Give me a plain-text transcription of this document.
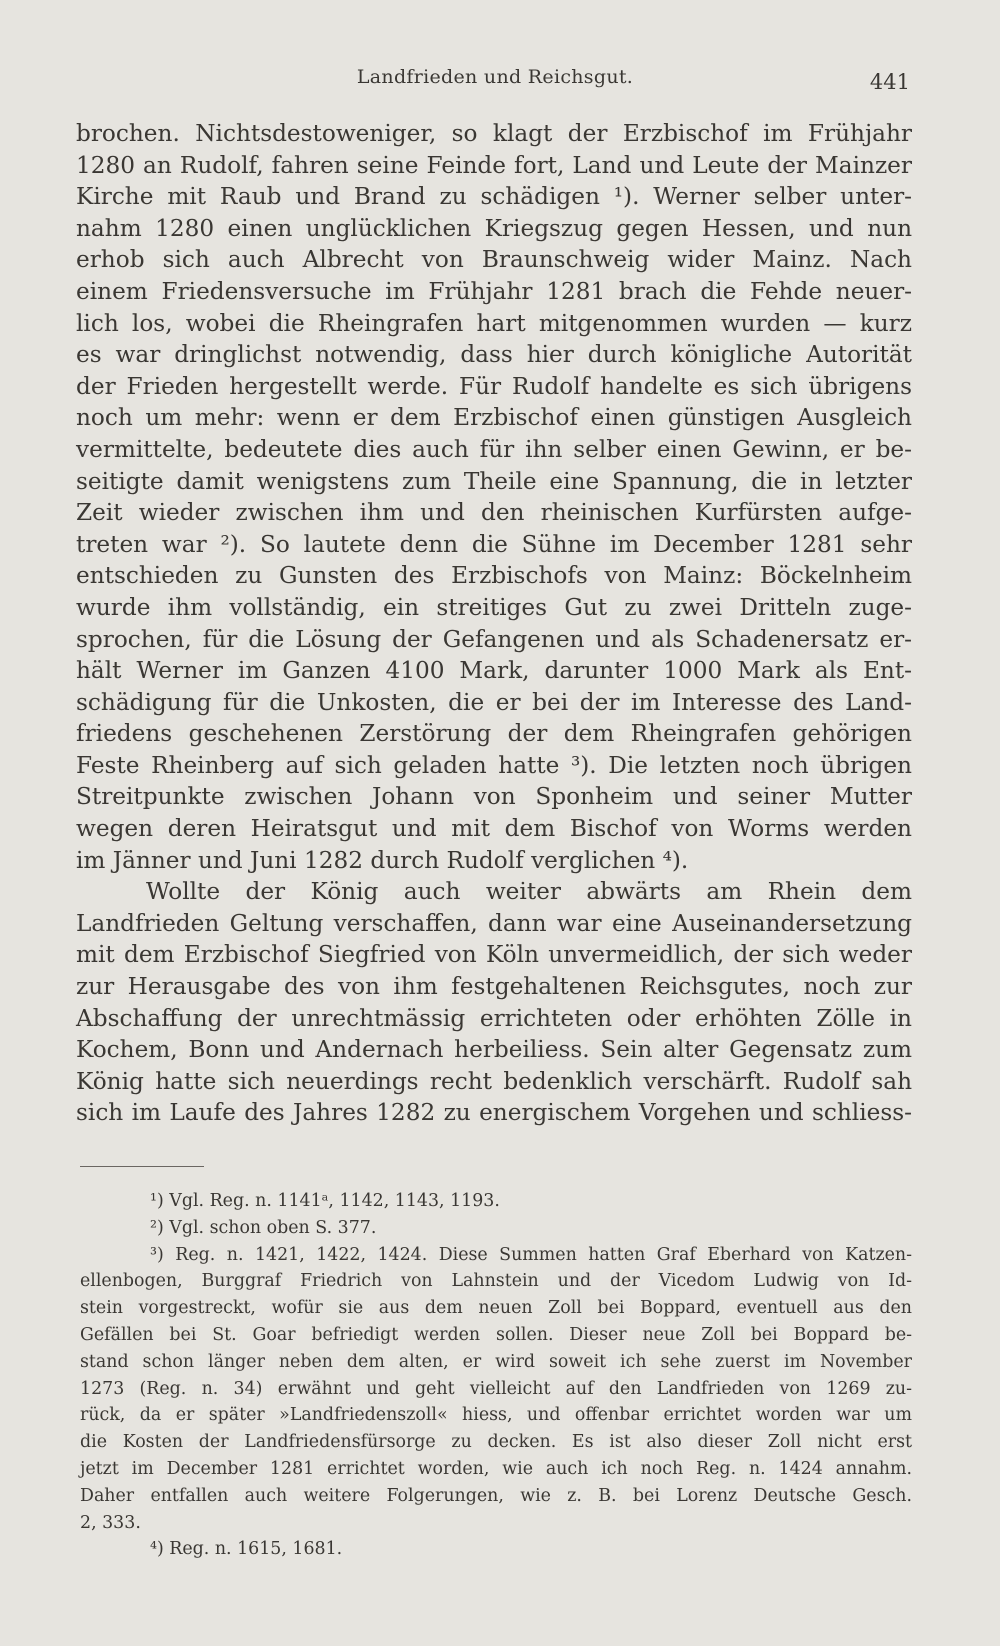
Landfrieden und Reichsgut.	441
brochen. Nichtsdestoweniger, so klagt der Erzbischof im Frühjahr
1280 an Rudolf, fahren seine Feinde fort, Land und Leute der Mainzer
Kirche mit Raub und Brand zu schädigen ¹). Werner selber unter-
nahm 1280 einen unglücklichen Kriegszug gegen Hessen, und nun
erhob sich auch Albrecht von Braunschweig wider Mainz. Nach
einem Friedensversuche im Frühjahr 1281 brach die Fehde neuer-
lich los, wobei die Rheingrafen hart mitgenommen wurden — kurz
es war dringlichst notwendig, dass hier durch königliche Autorität
der Frieden hergestellt werde. Für Rudolf handelte es sich übrigens
noch um mehr: wenn er dem Erzbischof einen günstigen Ausgleich
vermittelte, bedeutete dies auch für ihn selber einen Gewinn, er be-
seitigte damit wenigstens zum Theile eine Spannung, die in letzter
Zeit wieder zwischen ihm und den rheinischen Kurfürsten aufge-
treten war ²). So lautete denn die Sühne im December 1281 sehr
entschieden zu Gunsten des Erzbischofs von Mainz: Böckelnheim
wurde ihm vollständig, ein streitiges Gut zu zwei Dritteln zuge-
sprochen, für die Lösung der Gefangenen und als Schadenersatz er-
hält Werner im Ganzen 4100 Mark, darunter 1000 Mark als Ent-
schädigung für die Unkosten, die er bei der im Interesse des Land-
friedens geschehenen Zerstörung der dem Rheingrafen gehörigen
Feste Rheinberg auf sich geladen hatte ³). Die letzten noch übrigen
Streitpunkte zwischen Johann von Sponheim und seiner Mutter
wegen deren Heiratsgut und mit dem Bischof von Worms werden
im Jänner und Juni 1282 durch Rudolf verglichen ⁴).
Wollte der König auch weiter abwärts am Rhein dem
Landfrieden Geltung verschaffen, dann war eine Auseinandersetzung
mit dem Erzbischof Siegfried von Köln unvermeidlich, der sich weder
zur Herausgabe des von ihm festgehaltenen Reichsgutes, noch zur
Abschaffung der unrechtmässig errichteten oder erhöhten Zölle in
Kochem, Bonn und Andernach herbeiliess. Sein alter Gegensatz zum
König hatte sich neuerdings recht bedenklich verschärft. Rudolf sah
sich im Laufe des Jahres 1282 zu energischem Vorgehen und schliess-
¹) Vgl. Reg. n. 1141ᵃ, 1142, 1143, 1193.
²) Vgl. schon oben S. 377.
³) Reg. n. 1421, 1422, 1424. Diese Summen hatten Graf Eberhard von Katzen-
ellenbogen, Burggraf Friedrich von Lahnstein und der Vicedom Ludwig von Id-
stein vorgestreckt, wofür sie aus dem neuen Zoll bei Boppard, eventuell aus den
Gefällen bei St. Goar befriedigt werden sollen. Dieser neue Zoll bei Boppard be-
stand schon länger neben dem alten, er wird soweit ich sehe zuerst im November
1273 (Reg. n. 34) erwähnt und geht vielleicht auf den Landfrieden von 1269 zu-
rück, da er später »Landfriedenszoll« hiess, und offenbar errichtet worden war um
die Kosten der Landfriedensfürsorge zu decken. Es ist also dieser Zoll nicht erst
jetzt im December 1281 errichtet worden, wie auch ich noch Reg. n. 1424 annahm.
Daher entfallen auch weitere Folgerungen, wie z. B. bei Lorenz Deutsche Gesch.
2, 333.
⁴) Reg. n. 1615, 1681.
